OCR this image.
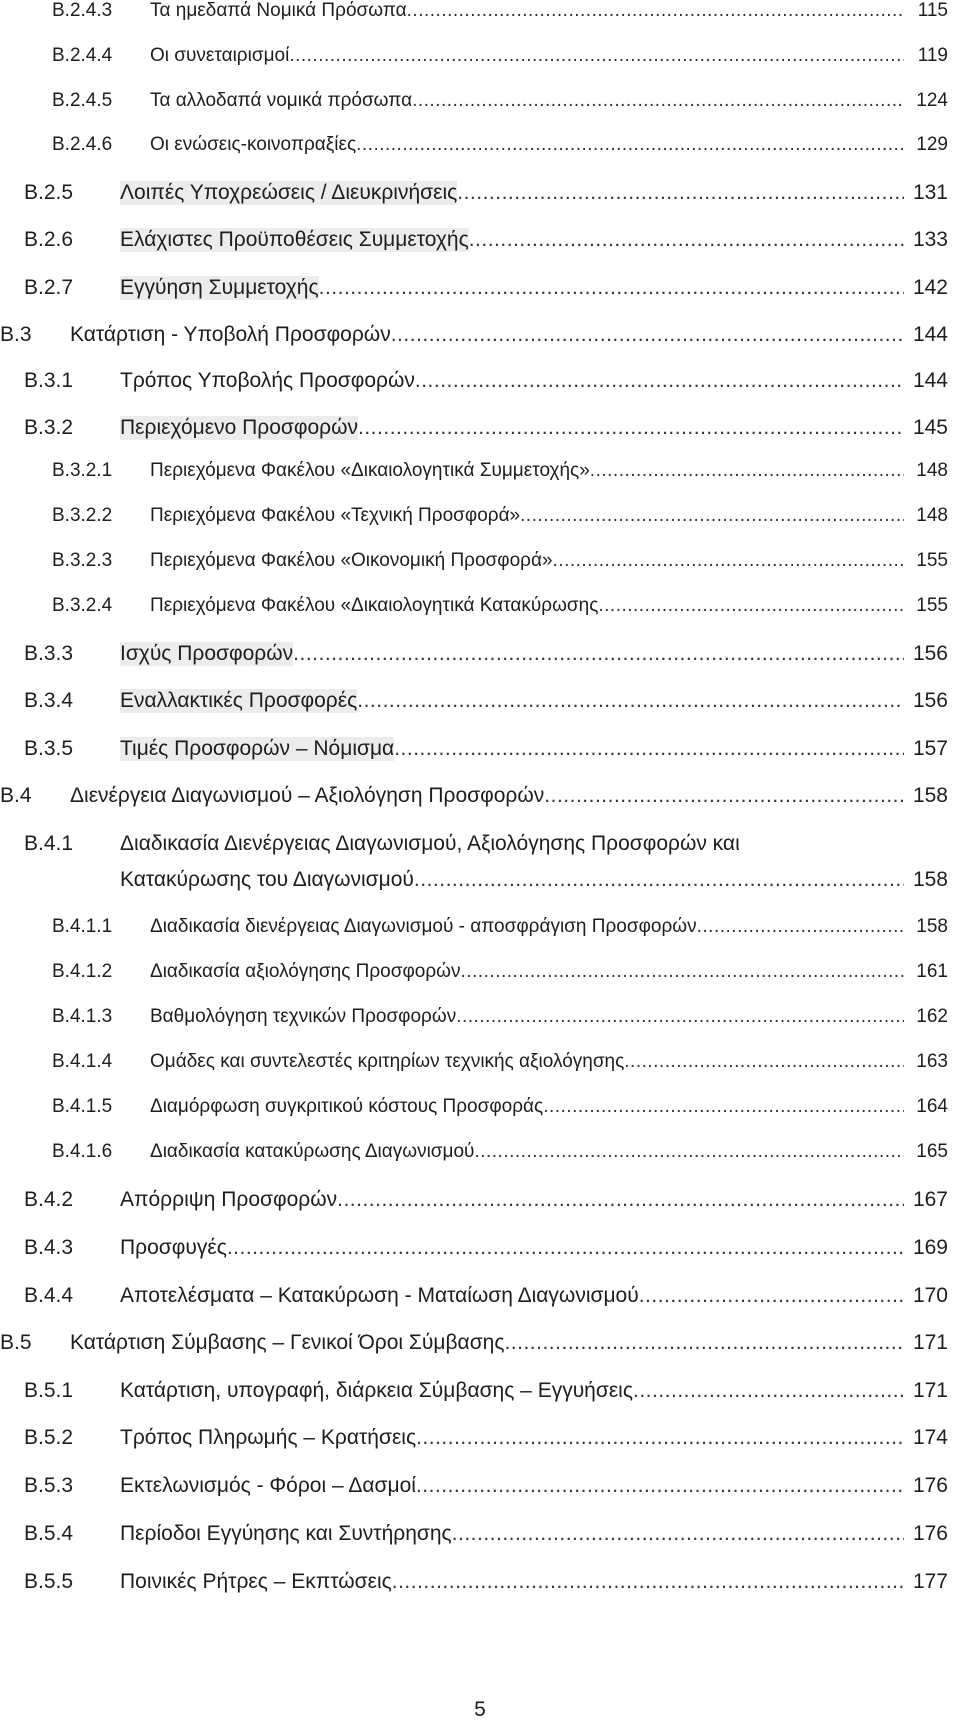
B.2.4.3 Τα ημεδαπά Νομικά Πρόσωπα .....	115
B.2.4.4 Οι συνεταιρισμοί .....	119
B.2.4.5 Τα αλλοδαπά νομικά πρόσωπα .....	124
B.2.4.6 Οι ενώσεις-κοινοπραξίες .....	129
B.2.5 Λοιπές Υποχρεώσεις / Διευκρινήσεις .....	131
B.2.6 Ελάχιστες Προϋποθέσεις Συμμετοχής .....	133
B.2.7 Εγγύηση Συμμετοχής .....	142
B.3 Κατάρτιση - Υποβολή Προσφορών .....	144
B.3.1 Τρόπος Υποβολής Προσφορών .....	144
B.3.2 Περιεχόμενο Προσφορών .....	145
B.3.2.1 Περιεχόμενα Φακέλου «Δικαιολογητικά Συμμετοχής» .....	148
B.3.2.2 Περιεχόμενα Φακέλου «Τεχνική Προσφορά» .....	148
B.3.2.3 Περιεχόμενα Φακέλου «Οικονομική Προσφορά» .....	155
B.3.2.4 Περιεχόμενα Φακέλου «Δικαιολογητικά Κατακύρωσης .....	155
B.3.3 Ισχύς Προσφορών .....	156
B.3.4 Εναλλακτικές Προσφορές .....	156
B.3.5 Τιμές Προσφορών – Νόμισμα .....	157
B.4 Διενέργεια Διαγωνισμού – Αξιολόγηση Προσφορών .....	158
B.4.1 Διαδικασία Διενέργειας Διαγωνισμού, Αξιολόγησης Προσφορών και
Κατακύρωσης του Διαγωνισμού .....	158
B.4.1.1 Διαδικασία διενέργειας Διαγωνισμού - αποσφράγιση Προσφορών .....	158
B.4.1.2 Διαδικασία αξιολόγησης Προσφορών .....	161
B.4.1.3 Βαθμολόγηση τεχνικών Προσφορών .....	162
B.4.1.4 Ομάδες και συντελεστές κριτηρίων τεχνικής αξιολόγησης .....	163
B.4.1.5 Διαμόρφωση συγκριτικού κόστους Προσφοράς .....	164
B.4.1.6 Διαδικασία κατακύρωσης Διαγωνισμού .....	165
B.4.2 Απόρριψη Προσφορών .....	167
B.4.3 Προσφυγές .....	169
B.4.4 Αποτελέσματα – Κατακύρωση - Ματαίωση Διαγωνισμού .....	170
B.5 Κατάρτιση Σύμβασης – Γενικοί Όροι Σύμβασης .....	171
B.5.1 Κατάρτιση, υπογραφή, διάρκεια Σύμβασης – Εγγυήσεις .....	171
B.5.2 Τρόπος Πληρωμής – Κρατήσεις .....	174
B.5.3 Εκτελωνισμός - Φόροι – Δασμοί .....	176
B.5.4 Περίοδοι Εγγύησης και Συντήρησης .....	176
B.5.5 Ποινικές Ρήτρες – Εκπτώσεις .....	177
5
